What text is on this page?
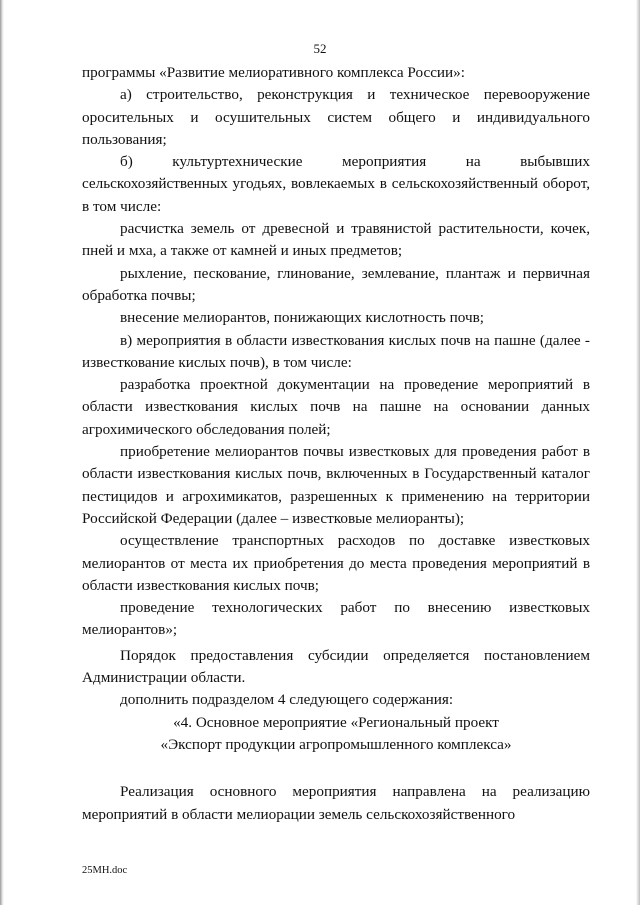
52

программы «Развитие мелиоративного комплекса России»:

а) строительство, реконструкция и техническое перевооружение оросительных и осушительных систем общего и индивидуального пользования;

б) культуртехнические мероприятия на выбывших сельскохозяйственных угодьях, вовлекаемых в сельскохозяйственный оборот, в том числе:

расчистка земель от древесной и травянистой растительности, кочек, пней и мха, а также от камней и иных предметов;

рыхление, пескование, глинование, землевание, плантаж и первичная обработка почвы;

внесение мелиорантов, понижающих кислотность почв;

в) мероприятия в области известкования кислых почв на пашне (далее - известкование кислых почв), в том числе:

разработка проектной документации на проведение мероприятий в области известкования кислых почв на пашне на основании данных агрохимического обследования полей;

приобретение мелиорантов почвы известковых для проведения работ в области известкования кислых почв, включенных в Государственный каталог пестицидов и агрохимикатов, разрешенных к применению на территории Российской Федерации (далее – известковые мелиоранты);

осуществление транспортных расходов по доставке известковых мелиорантов от места их приобретения до места проведения мероприятий в области известкования кислых почв;

проведение технологических работ по внесению известковых мелиорантов»;

Порядок предоставления субсидии определяется постановлением Администрации области.

дополнить подразделом 4 следующего содержания:

«4. Основное мероприятие «Региональный проект

«Экспорт продукции агропромышленного комплекса»

Реализация основного мероприятия направлена на реализацию мероприятий в области мелиорации земель сельскохозяйственного

25МН.doc
